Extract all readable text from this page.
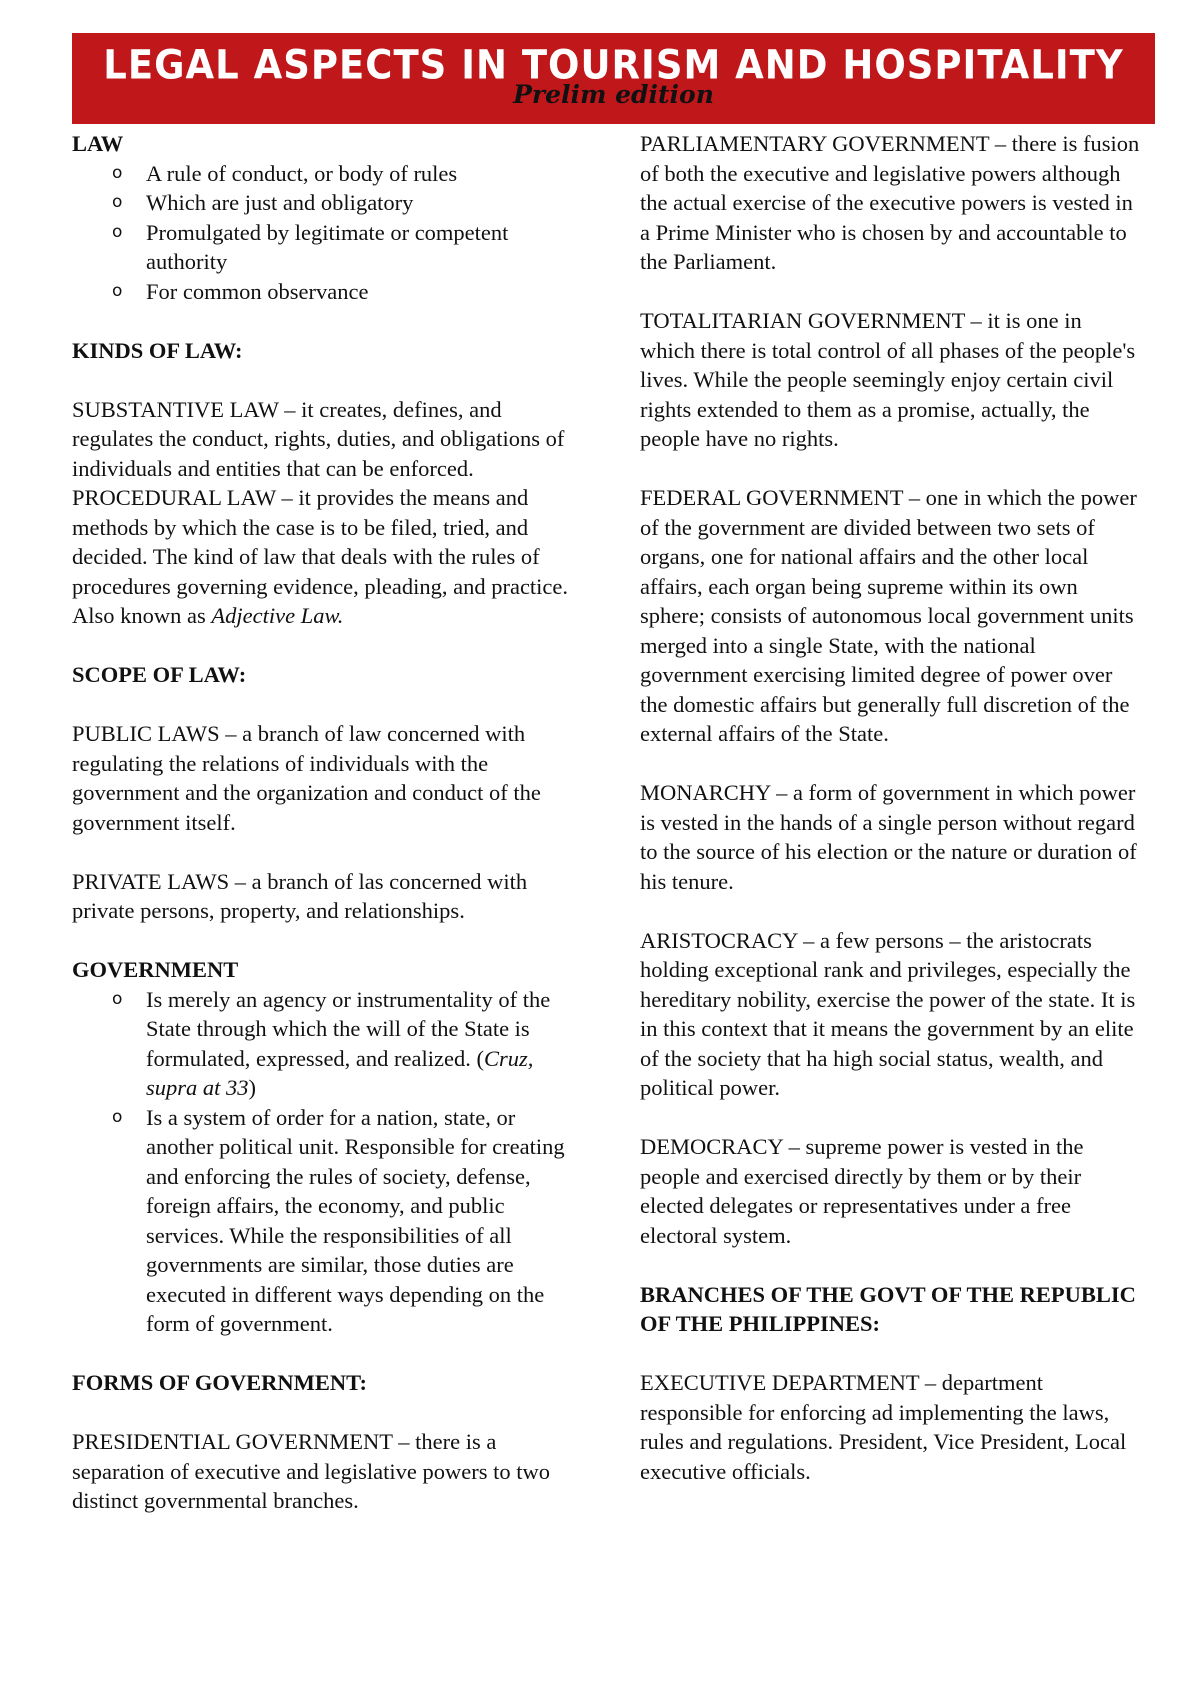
LEGAL ASPECTS IN TOURISM AND HOSPITALITY
Prelim edition
LAW
o A rule of conduct, or body of rules
o Which are just and obligatory
o Promulgated by legitimate or competent authority
o For common observance
KINDS OF LAW:

SUBSTANTIVE LAW – it creates, defines, and regulates the conduct, rights, duties, and obligations of individuals and entities that can be enforced.

PROCEDURAL LAW – it provides the means and methods by which the case is to be filed, tried, and decided. The kind of law that deals with the rules of procedures governing evidence, pleading, and practice. Also known as Adjective Law.

SCOPE OF LAW:

PUBLIC LAWS – a branch of law concerned with regulating the relations of individuals with the government and the organization and conduct of the government itself.

PRIVATE LAWS – a branch of las concerned with private persons, property, and relationships.

GOVERNMENT
o Is merely an agency or instrumentality of the State through which the will of the State is formulated, expressed, and realized. (Cruz, supra at 33)
o Is a system of order for a nation, state, or another political unit. Responsible for creating and enforcing the rules of society, defense, foreign affairs, the economy, and public services. While the responsibilities of all governments are similar, those duties are executed in different ways depending on the form of government.
FORMS OF GOVERNMENT:

PRESIDENTIAL GOVERNMENT – there is a separation of executive and legislative powers to two distinct governmental branches.

PARLIAMENTARY GOVERNMENT – there is fusion of both the executive and legislative powers although the actual exercise of the executive powers is vested in a Prime Minister who is chosen by and accountable to the Parliament.

TOTALITARIAN GOVERNMENT – it is one in which there is total control of all phases of the people's lives. While the people seemingly enjoy certain civil rights extended to them as a promise, actually, the people have no rights.

FEDERAL GOVERNMENT – one in which the power of the government are divided between two sets of organs, one for national affairs and the other local affairs, each organ being supreme within its own sphere; consists of autonomous local government units merged into a single State, with the national government exercising limited degree of power over the domestic affairs but generally full discretion of the external affairs of the State.

MONARCHY – a form of government in which power is vested in the hands of a single person without regard to the source of his election or the nature or duration of his tenure.

ARISTOCRACY – a few persons – the aristocrats holding exceptional rank and privileges, especially the hereditary nobility, exercise the power of the state. It is in this context that it means the government by an elite of the society that ha high social status, wealth, and political power.

DEMOCRACY – supreme power is vested in the people and exercised directly by them or by their elected delegates or representatives under a free electoral system.

BRANCHES OF THE GOVT OF THE REPUBLIC OF THE PHILIPPINES:

EXECUTIVE DEPARTMENT – department responsible for enforcing ad implementing the laws, rules and regulations. President, Vice President, Local executive officials.
